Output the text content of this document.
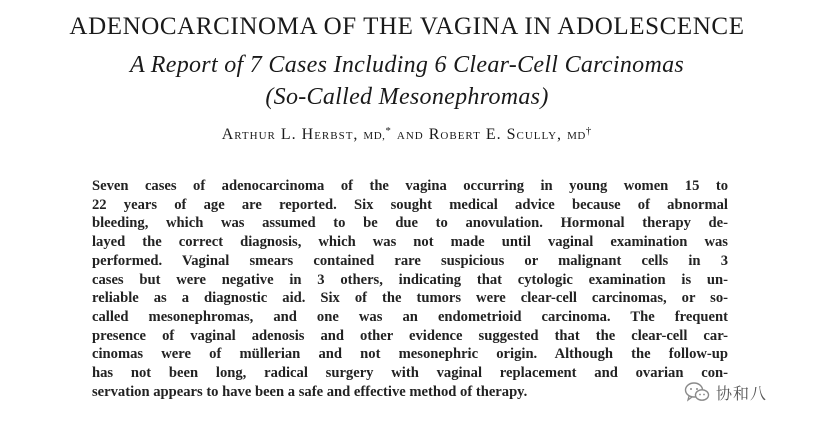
ADENOCARCINOMA OF THE VAGINA IN ADOLESCENCE
A Report of 7 Cases Including 6 Clear-Cell Carcinomas
(So-Called Mesonephromas)
Arthur L. Herbst, MD,* and Robert E. Scully, MD†
Seven cases of adenocarcinoma of the vagina occurring in young women 15 to
22 years of age are reported. Six sought medical advice because of abnormal
bleeding, which was assumed to be due to anovulation. Hormonal therapy de-
layed the correct diagnosis, which was not made until vaginal examination was
performed. Vaginal smears contained rare suspicious or malignant cells in 3
cases but were negative in 3 others, indicating that cytologic examination is un-
reliable as a diagnostic aid. Six of the tumors were clear-cell carcinomas, or so-
called mesonephromas, and one was an endometrioid carcinoma. The frequent
presence of vaginal adenosis and other evidence suggested that the clear-cell car-
cinomas were of müllerian and not mesonephric origin. Although the follow-up
has not been long, radical surgery with vaginal replacement and ovarian con-
servation appears to have been a safe and effective method of therapy.	协和八
